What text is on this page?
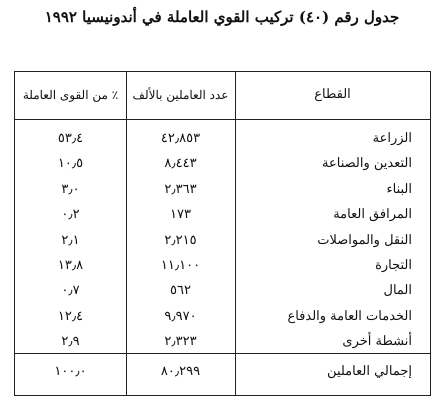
جدول رقم (٤٠) تركيب القوي العاملة في أندونيسيا ١٩٩٢
القطاع
عدد العاملين بالألف
٪ من القوى العاملة
الزراعة
٤٢٫٨٥٣
٥٣٫٤
التعدين والصناعة
٨٫٤٤٣
١٠٫٥
البناء
٢٫٣٦٣
٣٫٠
المرافق العامة
١٧٣
٠٫٢
النقل والمواصلات
٢٫٢١٥
٢٫١
التجارة
١١٫١٠٠
١٣٫٨
المال
٥٦٢
٠٫٧
الخدمات العامة والدفاع
٩٫٩٧٠
١٢٫٤
أنشطة أخرى
٢٫٣٢٣
٢٫٩
إجمالي العاملين
٨٠٫٢٩٩
١٠٠٫٠
